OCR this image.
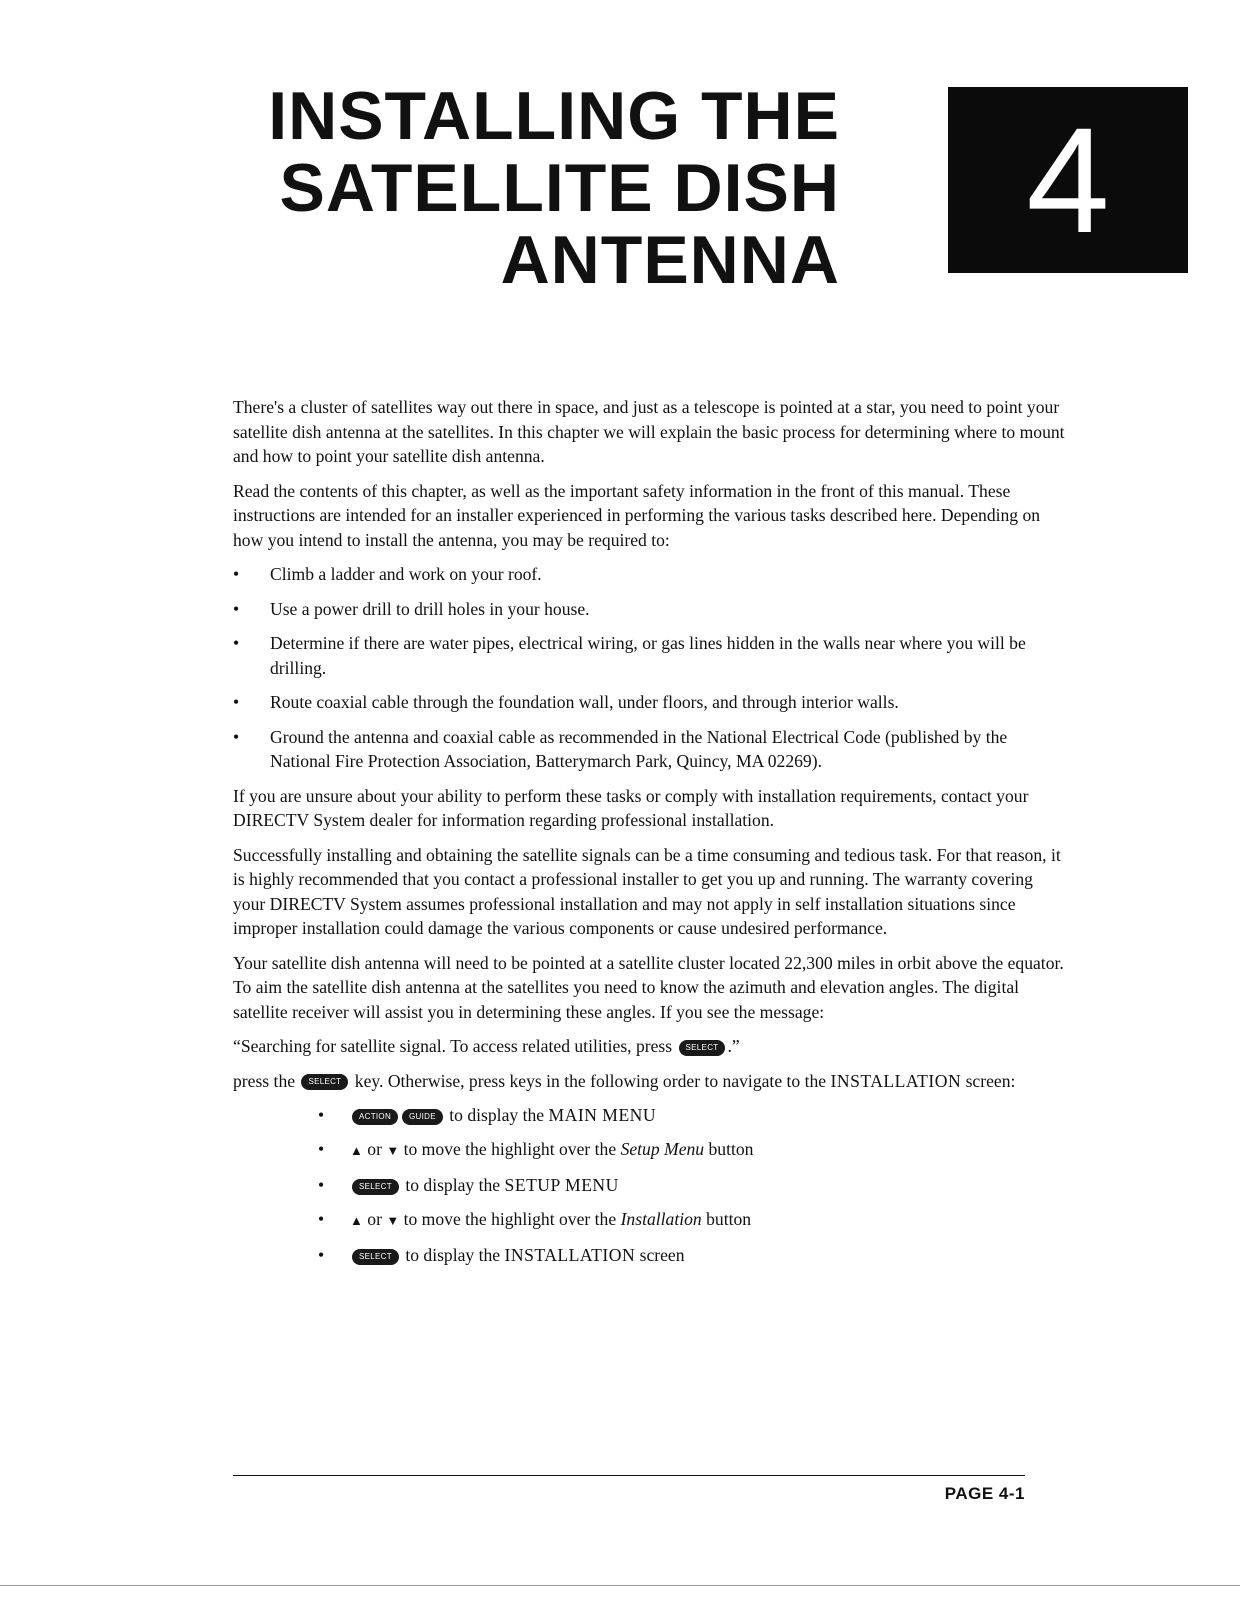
INSTALLING THE
SATELLITE DISH
ANTENNA	4

There's a cluster of satellites way out there in space, and just as a telescope is pointed at a star, you need to point your satellite dish antenna at the satellites. In this chapter we will explain the basic process for determining where to mount and how to point your satellite dish antenna.

Read the contents of this chapter, as well as the important safety information in the front of this manual. These instructions are intended for an installer experienced in performing the various tasks described here. Depending on how you intend to install the antenna, you may be required to:

• Climb a ladder and work on your roof.
• Use a power drill to drill holes in your house.
• Determine if there are water pipes, electrical wiring, or gas lines hidden in the walls near where you will be drilling.
• Route coaxial cable through the foundation wall, under floors, and through interior walls.
• Ground the antenna and coaxial cable as recommended in the National Electrical Code (published by the National Fire Protection Association, Batterymarch Park, Quincy, MA 02269).

If you are unsure about your ability to perform these tasks or comply with installation requirements, contact your DIRECTV System dealer for information regarding professional installation.

Successfully installing and obtaining the satellite signals can be a time consuming and tedious task. For that reason, it is highly recommended that you contact a professional installer to get you up and running. The warranty covering your DIRECTV System assumes professional installation and may not apply in self installation situations since improper installation could damage the various components or cause undesired performance.

Your satellite dish antenna will need to be pointed at a satellite cluster located 22,300 miles in orbit above the equator. To aim the satellite dish antenna at the satellites you need to know the azimuth and elevation angles. The digital satellite receiver will assist you in determining these angles. If you see the message:

“Searching for satellite signal. To access related utilities, press SELECT .”

press the SELECT key. Otherwise, press keys in the following order to navigate to the INSTALLATION screen:

• ACTION GUIDE to display the MAIN MENU
• ▲ or ▼ to move the highlight over the Setup Menu button
• SELECT to display the SETUP MENU
• ▲ or ▼ to move the highlight over the Installation button
• SELECT to display the INSTALLATION screen
PAGE 4-1
